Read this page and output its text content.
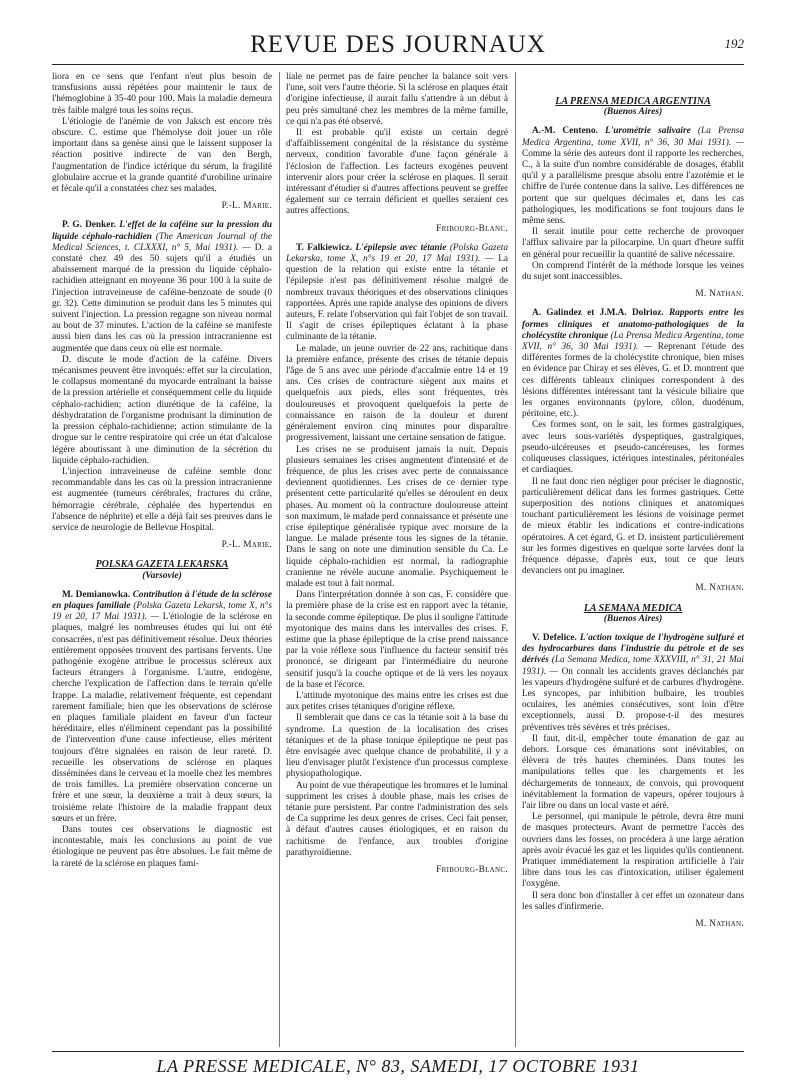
REVUE DES JOURNAUX	192

liora en ce sens que l'enfant n'eut plus besoin de transfusions aussi répétées pour maintenir le taux de l'hémoglobine à 35-40 pour 100. Mais la maladie demeura très faible malgré tous les soins reçus.

L'étiologie de l'anémie de von Jaksch est encore très obscure. C. estime que l'hémolyse doit jouer un rôle important dans sa genèse ainsi que le laissent supposer la réaction positive indirecte de van den Bergh, l'augmentation de l'indice ictérique du sérum, la fragilité globulaire accrue et la grande quantité d'urobiline urinaire et fécale qu'il a constatées chez ses malades.

P.-L. Marie.

P. G. Denker. L'effet de la caféine sur la pression du liquide céphalo-rachidien (The American Journal of the Medical Sciences, t. CLXXXI, n° 5, Mai 1931). — D. a constaté chez 49 des 50 sujets qu'il a étudiés un abaissement marqué de la pression du liquide céphalo-rachidien atteignant en moyenne 36 pour 100 à la suite de l'injection intraveineuse de caféine-benzoate de soude (0 gr. 32). Cette diminution se produit dans les 5 minutes qui suivent l'injection. La pression regagne son niveau normal au bout de 37 minutes. L'action de la caféine se manifeste aussi bien dans les cas où la pression intracranienne est augmentée que dans ceux où elle est normale.

D. discute le mode d'action de la caféine. Divers mécanismes peuvent être invoqués: effet sur la circulation, le collapsus momentané du myocarde entraînant la baisse de la pression artérielle et conséquemment celle du liquide céphalo-rachidien; action diurétique de la caféine, la déshydratation de l'organisme produisant la diminution de la pression céphalo-rachidienne; action stimulante de la drogue sur le centre respiratoire qui crée un état d'alcalose légère aboutissant à une diminution de la sécrétion du liquide céphalo-rachidien.

L'injection intraveineuse de caféine semble donc recommandable dans les cas où la pression intracranienne est augmentée (tumeurs cérébrales, fractures du crâne, hémorragie cérébrale, céphalée des hypertendus en l'absence de néphrite) et elle a déjà fait ses preuves dans le service de neurologie de Bellevue Hospital.

P.-L. Marie.
POLSKA GAZETA LEKARSKA
(Varsovie)

M. Demianowka. Contribution à l'étude de la sclérose en plaques familiale (Polska Gazeta Lekarsk, tome X, n°s 19 et 20, 17 Mai 1931). — L'étiologie de la sclérose en plaques, malgré les nombreuses études qui lui ont été consacrées, n'est pas définitivement résolue. Deux théories entièrement opposées trouvent des partisans fervents. Une pathogénie exogène attribue le processus scléreux aux facteurs étrangers à l'organisme. L'autre, endogène, cherche l'explication de l'affection dans le terrain qu'elle frappe. La maladie, relativement fréquente, est cependant rarement familiale; bien que les observations de sclérose en plaques familiale plaident en faveur d'un facteur héréditaire, elles n'éliminent cependant pas la possibilité de l'intervention d'une cause infectieuse, elles méritent toujours d'être signalées en raison de leur rareté. D. recueille les observations de sclérose en plaques disséminées dans le cerveau et la moelle chez les membres de trois familles. La première observation concerne un frère et une sœur, la deuxième a trait à deux sœurs, la troisième relate l'histoire de la maladie frappant deux sœurs et un frère.

Dans toutes ces observations le diagnostic est incontestable, mais les conclusions au point de vue étiologique ne peuvent pas être absolues. Le fait même de la rareté de la sclérose en plaques fami-

liale ne permet pas de faire pencher la balance soit vers l'une, soit vers l'autre théorie. Si la sclérose en plaques était d'origine infectieuse, il aurait fallu s'attendre à un début à peu près simultané chez les membres de la même famille, ce qui n'a pas été observé.

Il est probable qu'il existe un certain degré d'affaiblissement congénital de la résistance du système nerveux, condition favorable d'une façon générale à l'éclosion de l'affection. Les facteurs exogènes peuvent intervenir alors pour créer la sclérose en plaques. Il serait intéressant d'étudier si d'autres affections peuvent se greffer également sur ce terrain déficient et quelles seraient ces autres affections.

Fribourg-Blanc.

T. Falkiewicz. L'épilepsie avec tétanie (Polska Gazeta Lekarska, tome X, n°s 19 et 20, 17 Mai 1931). — La question de la relation qui existe entre la tétanie et l'épilepsie n'est pas définitivement résolue malgré de nombreux travaux théoriques et des observations cliniques rapportées. Après une rapide analyse des opinions de divers auteurs, F. relate l'observation qui fait l'objet de son travail. Il s'agit de crises épileptiques éclatant à la phase culminante de la tétanie.

Le malade, un jeune ouvrier de 22 ans, rachitique dans la première enfance, présente des crises de tétanie depuis l'âge de 5 ans avec une période d'accalmie entre 14 et 19 ans. Ces crises de contracture siègent aux mains et quelquefois aux pieds, elles sont fréquentes, très douloureuses et provoquent quelquefois la perte de connaissance en raison de la douleur et durent généralement environ cinq minutes pour disparaître progressivement, laissant une certaine sensation de fatigue.

Les crises ne se produisent jamais la nuit. Depuis plusieurs semaines les crises augmentent d'intensité et de fréquence, de plus les crises avec perte de connaissance deviennent quotidiennes. Les crises de ce dernier type présentent cette particularité qu'elles se déroulent en deux phases. Au moment où la contracture douloureuse atteint son maximum, le malade perd connaissance et présente une crise épileptique généralisée typique avec morsure de la langue. Le malade présente tous les signes de la tétanie. Dans le sang on note une diminution sensible du Ca. Le liquide céphalo-rachidien est normal, la radiographie cranienne ne révèle aucune anomalie. Psychiquement le malade est tout à fait normal.

Dans l'interprétation donnée à son cas, F. considère que la première phase de la crise est en rapport avec la tétanie, la seconde comme épileptique. De plus il souligne l'attitude myotonique des mains dans les intervalles des crises. F. estime que la phase épileptique de la crise prend naissance par la voie réflexe sous l'influence du facteur sensitif très prononcé, se dirigeant par l'intermédiaire du neurone sensitif jusqu'à la couche optique et de là vers les noyaux de la base et l'écorce.

L'attitude myotonique des mains entre les crises est due aux petites crises tétaniques d'origine réflexe.

Il semblerait que dans ce cas la tétanie soit à la base du syndrome. La question de la localisation des crises tétaniques et de la phase tonique épileptique ne peut pas être envisagée avec quelque chance de probabilité, il y a lieu d'envisager plutôt l'existence d'un processus complexe physiopathologique.

Au point de vue thérapeutique les bromures et le luminal suppriment les crises à double phase, mais les crises de tétanie pure persistent. Par contre l'administration des sels de Ca supprime les deux genres de crises. Ceci fait penser, à défaut d'autres causes étiologiques, et en raison du rachitisme de l'enfance, aux troubles d'origine parathyroïdienne.

Fribourg-Blanc.
LA PRENSA MEDICA ARGENTINA
(Buenos Aires)

A.-M. Centeno. L'urométrie salivaire (La Prensa Medica Argentina, tome XVII, n° 36, 30 Mai 1931). — Comme la série des auteurs dont il rapporte les recherches, C., à la suite d'un nombre considérable de dosages, établit qu'il y a parallélisme presque absolu entre l'azotémie et le chiffre de l'urée contenue dans la salive. Les différences ne portent que sur quelques décimales et, dans les cas pathologiques, les modifications se font toujours dans le même sens.

Il serait inutile pour cette recherche de provoquer l'afflux salivaire par la pilocarpine. Un quart d'heure suffit en général pour recueillir la quantité de salive nécessaire.

On comprend l'intérêt de la méthode lorsque les veines du sujet sont inaccessibles.

M. Nathan.

A. Galindez et J.M.A. Dolrioz. Rapports entre les formes cliniques et anatomo-pathologiques de la cholécystite chronique (La Prensa Medica Argentina, tome XVII, n° 36, 30 Mai 1931). — Reprenant l'étude des différentes formes de la cholécystite chronique, bien mises en évidence par Chiray et ses élèves, G. et D. montrent que ces différents tableaux cliniques correspondent à des lésions différentes intéressant tant la vésicule biliaire que les organes environnants (pylore, côlon, duodénum, péritoine, etc.).

Ces formes sont, on le sait, les formes gastralgiques, avec leurs sous-variétés dyspeptiques, gastralgiques, pseudo-ulcéreuses et pseudo-cancéreuses, les formes coliqueuses classiques, ictériques intestinales, péritonéales et cardiaques.

Il ne faut donc rien négliger pour préciser le diagnostic, particulièrement délicat dans les formes gastriques. Cette superposition des notions cliniques et anatomiques touchant particulièrement les lésions de voisinage permet de mieux établir les indications et contre-indications opératoires. A cet égard, G. et D. insistent particulièrement sur les formes digestives en quelque sorte larvées dont la fréquence dépasse, d'après eux, tout ce que leurs devanciers ont pu imaginer.

M. Nathan.
LA SEMANA MEDICA
(Buenos Aires)

V. Defelice. L'action toxique de l'hydrogène sulfuré et des hydrocarbures dans l'industrie du pétrole et de ses dérivés (La Semana Medica, tome XXXVIII, n° 31, 21 Mai 1931). — On connaît les accidents graves déclanchés par les vapeurs d'hydrogène sulfuré et de carbures d'hydrogène. Les syncopes, par inhibition bulbaire, les troubles oculaires, les anémies consécutives, sont loin d'être exceptionnels, aussi D. propose-t-il des mesures préventives très sévères et très précises.

Il faut, dit-il, empêcher toute émanation de gaz au dehors. Lorsque ces émanations sont inévitables, on élèvera de très hautes cheminées. Dans toutes les manipulations telles que les chargements et les déchargements de tonneaux, de convois, qui provoquent inévitablement la formation de vapeurs, opérer toujours à l'air libre ou dans un local vaste et aéré.

Le personnel, qui manipule le pétrole, devra être muni de masques protecteurs. Avant de permettre l'accès des ouvriers dans les fosses, on procédera à une large aération après avoir évacué les gaz et les liquides qu'ils contiennent. Pratiquer immédiatement la respiration artificielle à l'air libre dans tous les cas d'intoxication, utiliser également l'oxygène.

Il sera donc bon d'installer à cet effet un ozonateur dans les salles d'infirmerie.

M. Nathan.
LA PRESSE MEDICALE, N° 83, SAMEDI, 17 OCTOBRE 1931
